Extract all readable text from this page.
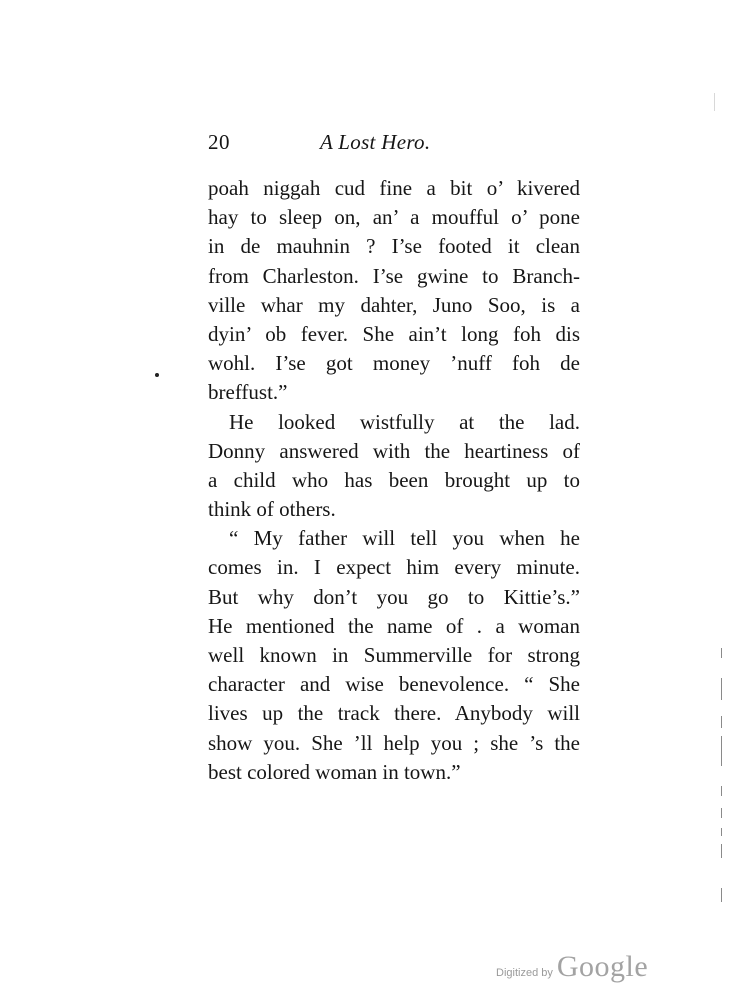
20	A Lost Hero.
poah niggah cud fine a bit o’ kivered
hay to sleep on, an’ a moufful o’ pone
in de mauhnin ? I’se footed it clean
from Charleston. I’se gwine to Branch-
ville whar my dahter, Juno Soo, is a
dyin’ ob fever. She ain’t long foh dis
wohl. I’se got money ’nuff foh de
breffust.”
He looked wistfully at the lad.
Donny answered with the heartiness of
a child who has been brought up to
think of others.
“ My father will tell you when he
comes in. I expect him every minute.
But why don’t you go to Kittie’s.”
He mentioned the name of . a woman
well known in Summerville for strong
character and wise benevolence. “ She
lives up the track there. Anybody will
show you. She ’ll help you ; she ’s the
best colored woman in town.”
Digitized by Google
